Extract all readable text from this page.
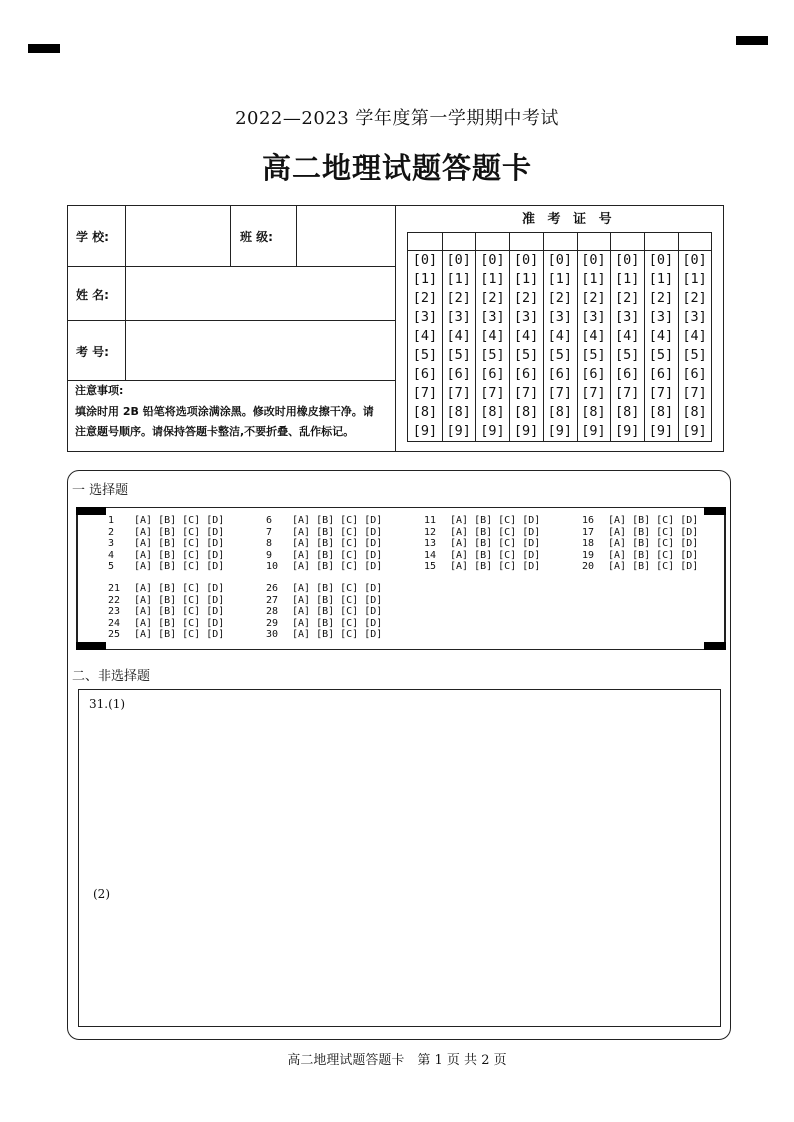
2022—2023 学年度第一学期期中考试
高二地理试题答题卡
学 校:	班 级:
姓 名:
考 号:
注意事项:
填涂时用 2B 铅笔将选项涂满涂黑。修改时用橡皮擦干净。请
注意题号顺序。请保持答题卡整洁,不要折叠、乱作标记。
准 考 证 号
[0]
[1]
[2]
[3]
[4]
[5]
[6]
[7]
[8]
[9]
[0]
[1]
[2]
[3]
[4]
[5]
[6]
[7]
[8]
[9]
[0]
[1]
[2]
[3]
[4]
[5]
[6]
[7]
[8]
[9]
[0]
[1]
[2]
[3]
[4]
[5]
[6]
[7]
[8]
[9]
[0]
[1]
[2]
[3]
[4]
[5]
[6]
[7]
[8]
[9]
[0]
[1]
[2]
[3]
[4]
[5]
[6]
[7]
[8]
[9]
[0]
[1]
[2]
[3]
[4]
[5]
[6]
[7]
[8]
[9]
[0]
[1]
[2]
[3]
[4]
[5]
[6]
[7]
[8]
[9]
[0]
[1]
[2]
[3]
[4]
[5]
[6]
[7]
[8]
[9]
一 选择题
1 [A] [B] [C] [D]
2 [A] [B] [C] [D]
3 [A] [B] [C] [D]
4 [A] [B] [C] [D]
5 [A] [B] [C] [D]
6 [A] [B] [C] [D]
7 [A] [B] [C] [D]
8 [A] [B] [C] [D]
9 [A] [B] [C] [D]
10 [A] [B] [C] [D]
11 [A] [B] [C] [D]
12 [A] [B] [C] [D]
13 [A] [B] [C] [D]
14 [A] [B] [C] [D]
15 [A] [B] [C] [D]
16 [A] [B] [C] [D]
17 [A] [B] [C] [D]
18 [A] [B] [C] [D]
19 [A] [B] [C] [D]
20 [A] [B] [C] [D]
21 [A] [B] [C] [D]
22 [A] [B] [C] [D]
23 [A] [B] [C] [D]
24 [A] [B] [C] [D]
25 [A] [B] [C] [D]
26 [A] [B] [C] [D]
27 [A] [B] [C] [D]
28 [A] [B] [C] [D]
29 [A] [B] [C] [D]
30 [A] [B] [C] [D]
二、非选择题
31.(1)
(2)
高二地理试题答题卡　第 1 页 共 2 页
